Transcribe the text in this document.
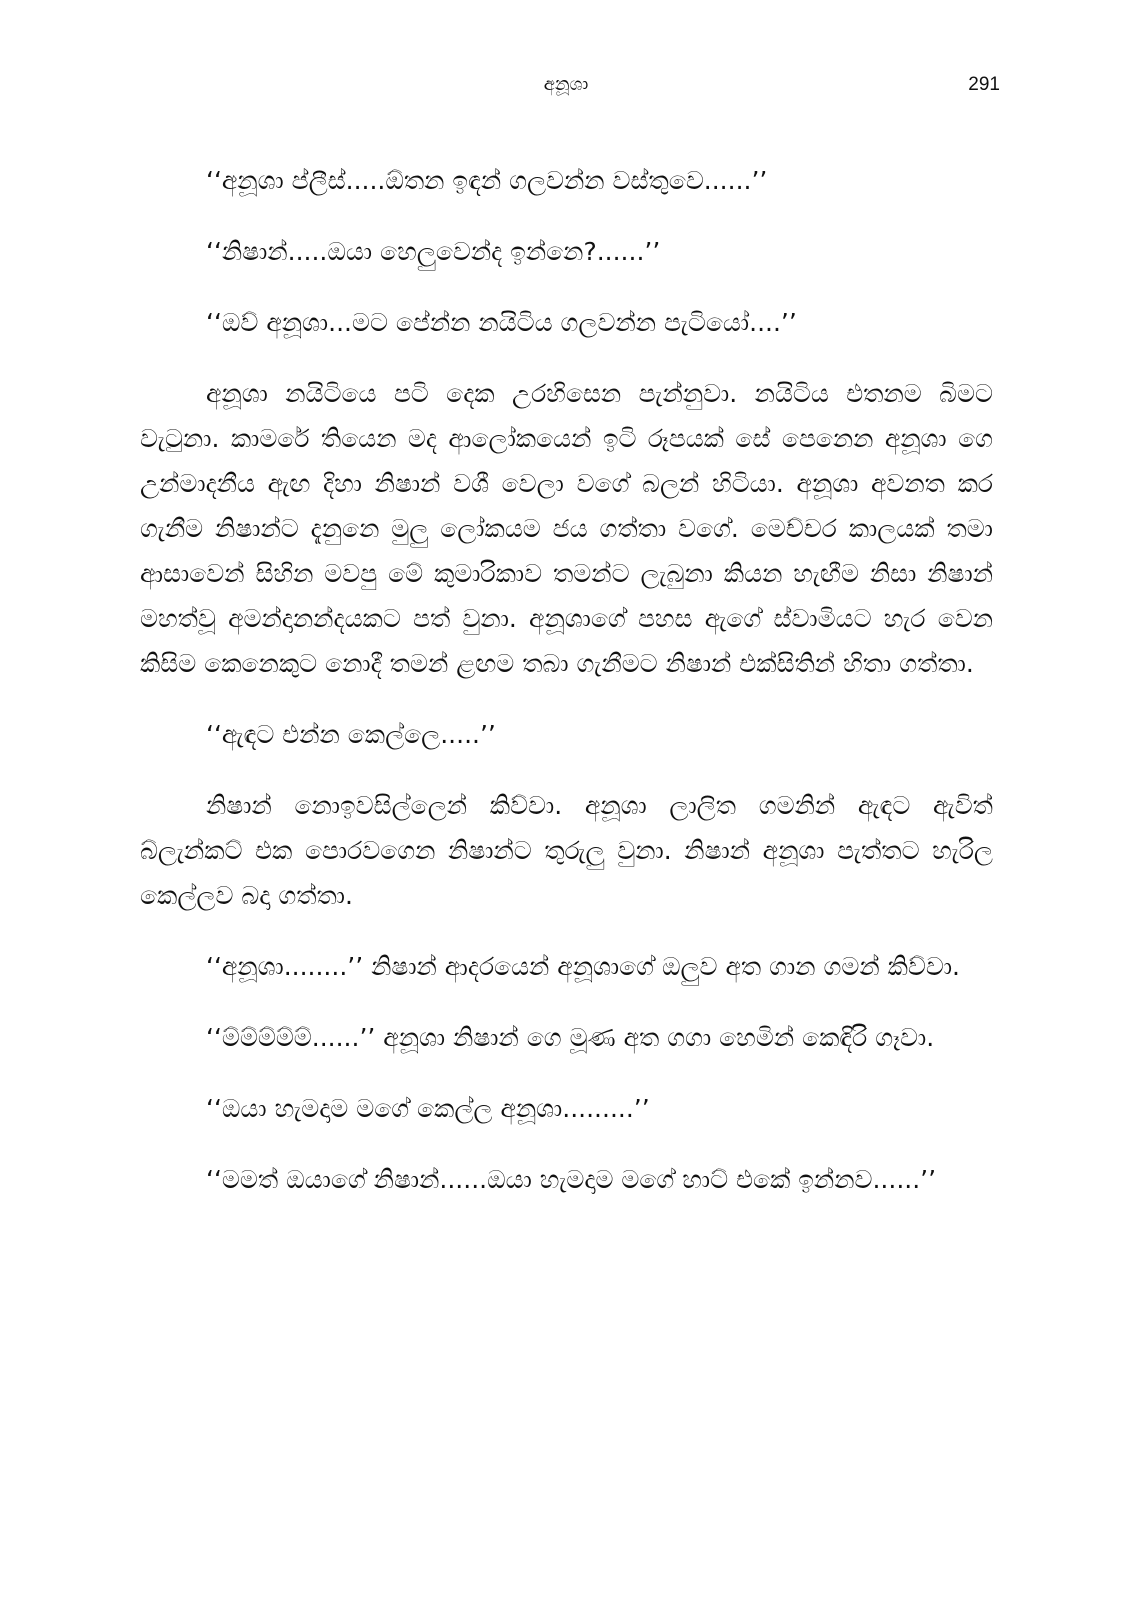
අනූශා	291

‘‘අනූශා ප්ලීස්.....ඕතන ඉඳන් ගලවන්න වස්තුවෙ......’’

‘‘නිෂාන්.....ඔයා හෙලුවෙන්ද ඉන්නෙ?......’’

‘‘ඔව් අනූශා...මට පේන්න නයිටිය ගලවන්න පැටියෝ....’’

අනූශා නයිටියෙ පටි දෙක උරහිසෙන පැන්නුවා. නයිටිය එතනම බිමට වැටුනා. කාමරේ තියෙන මද ආලෝකයෙන් ඉටි රූපයක් සේ පෙනෙන අනූශා ගෙ උන්මාදනීය ඇඟ දිහා නිෂාන් වශී වෙලා වගේ බලන් හිටියා. අනූශා අවනත කර ගැනීම නිෂාන්ට දැනුනෙ මුලු ලෝකයම ජය ගත්තා වගේ. මෙච්චර කාලයක් තමා ආසාවෙන් සිහින මවපු මේ කුමාරිකාව තමන්ට ලැබුනා කියන හැඟීම නිසා නිෂාන් මහත්වූ අමන්දානන්දයකට පත් වුනා. අනූශාගේ පහස ඇගේ ස්වාමියට හැර වෙන කිසිම කෙනෙකුට නොදී තමන් ළඟම තබා ගැනීමට නිෂාන් එක්සිතින් හිතා ගත්තා.

‘‘ඇඳට එන්න කෙල්ලෙ.....’’

නිෂාන් නොඉවසිල්ලෙන් කිව්වා. අනූශා ලාලිත ගමනින් ඇඳට ඇවිත් බ්ලැන්කට් එක පොරවගෙන නිෂාන්ට තුරුලු වුනා. නිෂාන් අනූශා පැත්තට හැරිල කෙල්ලව බදා ගත්තා.

‘‘අනූශා........’’ නිෂාන් ආදරයෙන් අනූශාගේ ඔලුව අත ගාන ගමන් කිව්වා.

‘‘ම්ම්ම්ම්ම්......’’ අනූශා නිෂාන් ගෙ මූණ අත ගගා හෙමින් කෙඳිරි ගෑවා.

‘‘ඔයා හැමදාම මගේ කෙල්ල අනූශා.........’’

‘‘මමත් ඔයාගේ නිෂාන්......ඔයා හැමදාම මගේ හාට් එකේ ඉන්නව......’’
